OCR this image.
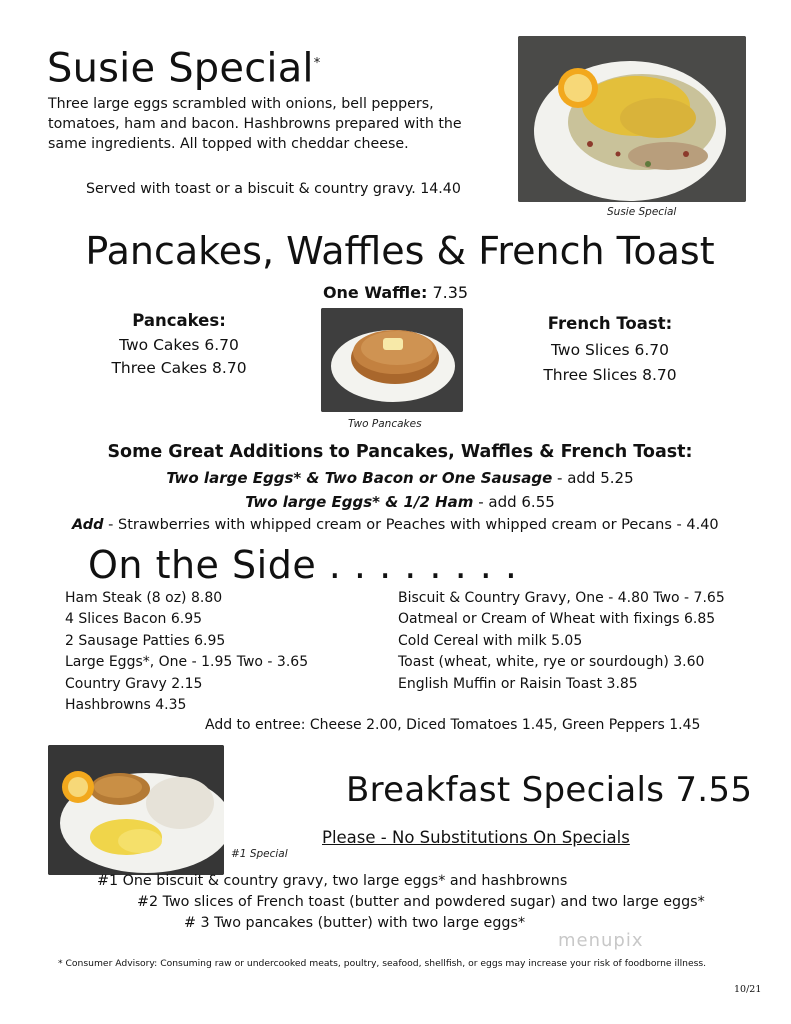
Susie Special*
Three large eggs scrambled with onions, bell peppers, tomatoes, ham and bacon. Hashbrowns prepared with the same ingredients. All topped with cheddar cheese.
Served with toast or a biscuit & country gravy. 14.40
Susie Special
Pancakes, Waffles & French Toast
One Waffle: 7.35
Pancakes:
Two Cakes 6.70
Three Cakes 8.70
Two Pancakes
French Toast:
Two Slices 6.70
Three Slices 8.70
Some Great Additions to Pancakes, Waffles & French Toast:
Two large Eggs* & Two Bacon or One Sausage - add 5.25
Two large Eggs* & 1/2 Ham - add 6.55
Add - Strawberries with whipped cream or Peaches with whipped cream or Pecans - 4.40
On the Side . . . . . . . .
Ham Steak (8 oz) 8.80
4 Slices Bacon 6.95
2 Sausage Patties 6.95
Large Eggs*, One - 1.95 Two - 3.65
Country Gravy 2.15
Hashbrowns 4.35
Biscuit & Country Gravy, One - 4.80 Two - 7.65
Oatmeal or Cream of Wheat with fixings 6.85
Cold Cereal with milk 5.05
Toast (wheat, white, rye or sourdough) 3.60
English Muffin or Raisin Toast 3.85
Add to entree: Cheese 2.00, Diced Tomatoes 1.45, Green Peppers 1.45
#1 Special
Breakfast Specials 7.55
Please - No Substitutions On Specials
#1 One biscuit & country gravy, two large eggs* and hashbrowns
#2 Two slices of French toast (butter and powdered sugar) and two large eggs*
# 3 Two pancakes (butter) with two large eggs*
menupix
* Consumer Advisory: Consuming raw or undercooked meats, poultry, seafood, shellfish, or eggs may increase your risk of foodborne illness.
10/21
